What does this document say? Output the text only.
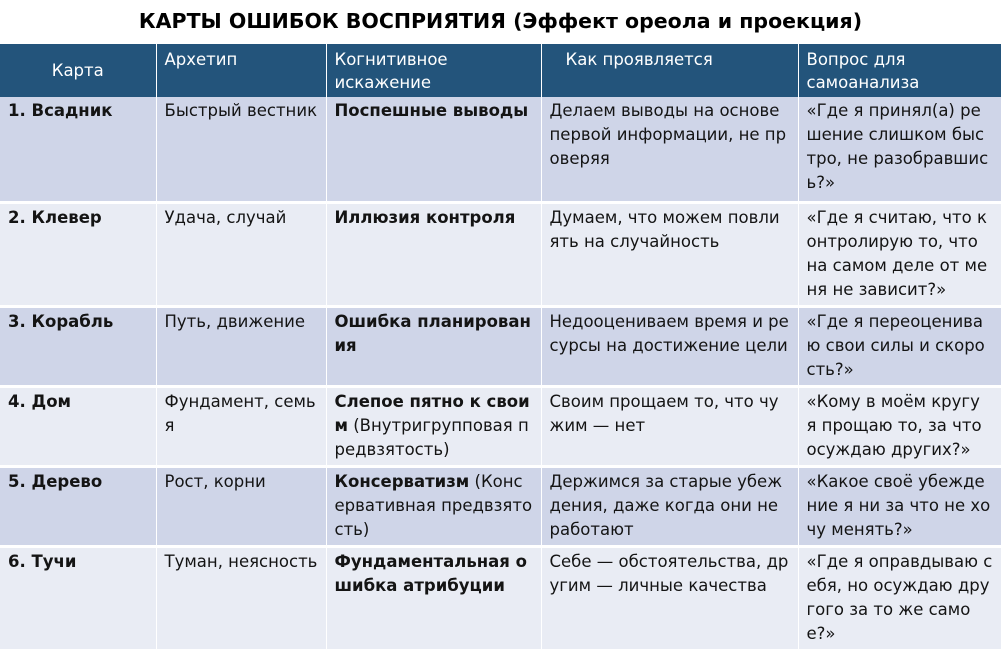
КАРТЫ ОШИБОК ВОСПРИЯТИЯ (Эффект ореола и проекция)
Карта	Архетип	Когнитивное искажение	Как проявляется	Вопрос для самоанализа
1. Всадник	Быстрый вестник	Поспешные выводы	Делаем выводы на основе первой информации, не проверяя	«Где я принял(а) решение слишком быстро, не разобравшись?»
2. Клевер	Удача, случай	Иллюзия контроля	Думаем, что можем повлиять на случайность	«Где я считаю, что контролирую то, что на самом деле от меня не зависит?»
3. Корабль	Путь, движение	Ошибка планирования	Недооцениваем время и ресурсы на достижение цели	«Где я переоцениваю свои силы и скорость?»
4. Дом	Фундамент, семья	Слепое пятно к своим (Внутригрупповая предвзятость)	Своим прощаем то, что чужим — нет	«Кому в моём кругу я прощаю то, за что осуждаю других?»
5. Дерево	Рост, корни	Консерватизм (Консервативная предвзятость)	Держимся за старые убеждения, даже когда они не работают	«Какое своё убеждение я ни за что не хочу менять?»
6. Тучи	Туман, неясность	Фундаментальная ошибка атрибуции	Себе — обстоятельства, другим — личные качества	«Где я оправдываю себя, но осуждаю другого за то же самое?»
